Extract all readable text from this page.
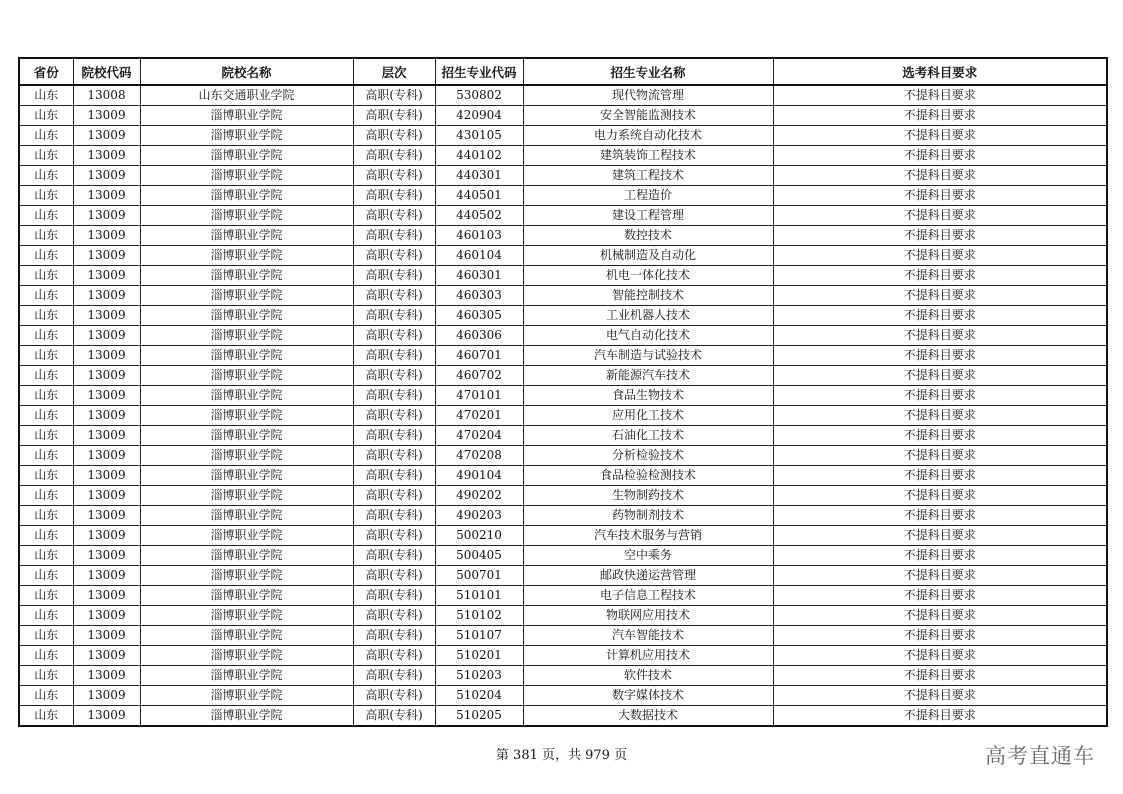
省份	院校代码	院校名称	层次	招生专业代码	招生专业名称	选考科目要求
山东	13008	山东交通职业学院	高职(专科)	530802	现代物流管理	不提科目要求
山东	13009	淄博职业学院	高职(专科)	420904	安全智能监测技术	不提科目要求
山东	13009	淄博职业学院	高职(专科)	430105	电力系统自动化技术	不提科目要求
山东	13009	淄博职业学院	高职(专科)	440102	建筑装饰工程技术	不提科目要求
山东	13009	淄博职业学院	高职(专科)	440301	建筑工程技术	不提科目要求
山东	13009	淄博职业学院	高职(专科)	440501	工程造价	不提科目要求
山东	13009	淄博职业学院	高职(专科)	440502	建设工程管理	不提科目要求
山东	13009	淄博职业学院	高职(专科)	460103	数控技术	不提科目要求
山东	13009	淄博职业学院	高职(专科)	460104	机械制造及自动化	不提科目要求
山东	13009	淄博职业学院	高职(专科)	460301	机电一体化技术	不提科目要求
山东	13009	淄博职业学院	高职(专科)	460303	智能控制技术	不提科目要求
山东	13009	淄博职业学院	高职(专科)	460305	工业机器人技术	不提科目要求
山东	13009	淄博职业学院	高职(专科)	460306	电气自动化技术	不提科目要求
山东	13009	淄博职业学院	高职(专科)	460701	汽车制造与试验技术	不提科目要求
山东	13009	淄博职业学院	高职(专科)	460702	新能源汽车技术	不提科目要求
山东	13009	淄博职业学院	高职(专科)	470101	食品生物技术	不提科目要求
山东	13009	淄博职业学院	高职(专科)	470201	应用化工技术	不提科目要求
山东	13009	淄博职业学院	高职(专科)	470204	石油化工技术	不提科目要求
山东	13009	淄博职业学院	高职(专科)	470208	分析检验技术	不提科目要求
山东	13009	淄博职业学院	高职(专科)	490104	食品检验检测技术	不提科目要求
山东	13009	淄博职业学院	高职(专科)	490202	生物制药技术	不提科目要求
山东	13009	淄博职业学院	高职(专科)	490203	药物制剂技术	不提科目要求
山东	13009	淄博职业学院	高职(专科)	500210	汽车技术服务与营销	不提科目要求
山东	13009	淄博职业学院	高职(专科)	500405	空中乘务	不提科目要求
山东	13009	淄博职业学院	高职(专科)	500701	邮政快递运营管理	不提科目要求
山东	13009	淄博职业学院	高职(专科)	510101	电子信息工程技术	不提科目要求
山东	13009	淄博职业学院	高职(专科)	510102	物联网应用技术	不提科目要求
山东	13009	淄博职业学院	高职(专科)	510107	汽车智能技术	不提科目要求
山东	13009	淄博职业学院	高职(专科)	510201	计算机应用技术	不提科目要求
山东	13009	淄博职业学院	高职(专科)	510203	软件技术	不提科目要求
山东	13009	淄博职业学院	高职(专科)	510204	数字媒体技术	不提科目要求
山东	13009	淄博职业学院	高职(专科)	510205	大数据技术	不提科目要求
第 381 页，共 979 页	高考直通车
